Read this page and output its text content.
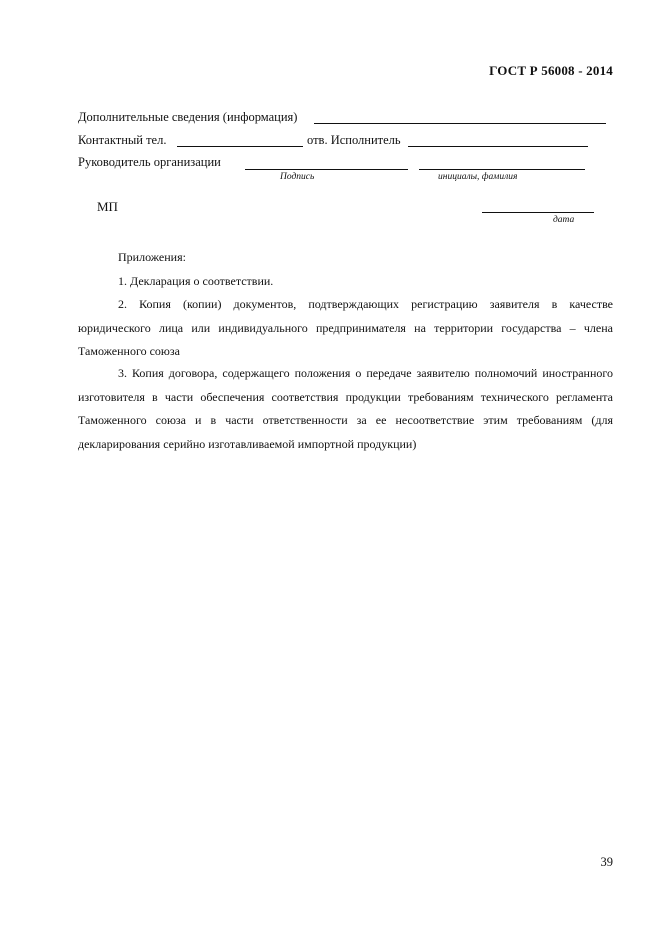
ГОСТ Р 56008 - 2014
Дополнительные сведения (информация)
Контактный тел.	отв. Исполнитель
Руководитель организации
Подпись	инициалы, фамилия
МП
дата
Приложения:

1. Декларация о соответствии.

2. Копия (копии) документов, подтверждающих регистрацию заявителя в качестве юридического лица или индивидуального предпринимателя на территории государства – члена Таможенного союза

3. Копия договора, содержащего положения о передаче заявителю полномочий иностранного изготовителя в части обеспечения соответствия продукции требованиям технического регламента Таможенного союза и в части ответственности за ее несоответствие этим требованиям (для декларирования серийно изготавливаемой импортной продукции)

39
